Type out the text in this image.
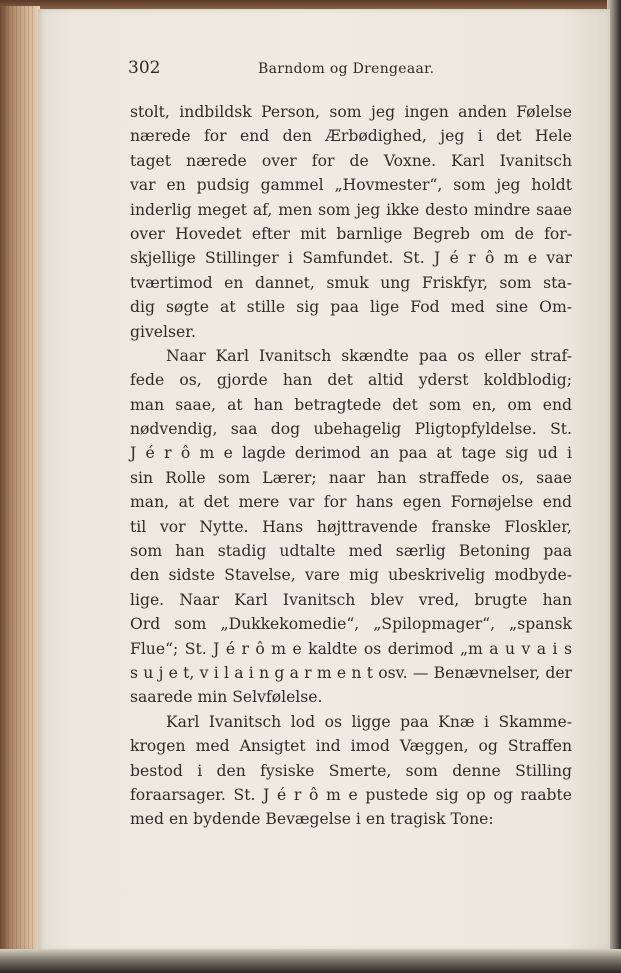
302	Barndom og Drengeaar.
stolt, indbildsk Person, som jeg ingen anden Følelse
nærede for end den Ærbødighed, jeg i det Hele
taget nærede over for de Voxne. Karl Ivanitsch
var en pudsig gammel „Hovmester“, som jeg holdt
inderlig meget af, men som jeg ikke desto mindre saae
over Hovedet efter mit barnlige Begreb om de for-
skjellige Stillinger i Samfundet. St. J é r ô m e var
tværtimod en dannet, smuk ung Friskfyr, som sta-
dig søgte at stille sig paa lige Fod med sine Om-
givelser.
Naar Karl Ivanitsch skændte paa os eller straf-
fede os, gjorde han det altid yderst koldblodig;
man saae, at han betragtede det som en, om end
nødvendig, saa dog ubehagelig Pligtopfyldelse. St.
J é r ô m e lagde derimod an paa at tage sig ud i
sin Rolle som Lærer; naar han straffede os, saae
man, at det mere var for hans egen Fornøjelse end
til vor Nytte. Hans højttravende franske Floskler,
som han stadig udtalte med særlig Betoning paa
den sidste Stavelse, vare mig ubeskrivelig modbyde-
lige. Naar Karl Ivanitsch blev vred, brugte han
Ord som „Dukkekomedie“, „Spilopmager“, „spansk
Flue“; St. J é r ô m e kaldte os derimod „m a u v a i s
s u j e t, v i l a i n g a r m e n t osv. — Benævnelser, der
saarede min Selvfølelse.
Karl Ivanitsch lod os ligge paa Knæ i Skamme-
krogen med Ansigtet ind imod Væggen, og Straffen
bestod i den fysiske Smerte, som denne Stilling
foraarsager. St. J é r ô m e pustede sig op og raabte
med en bydende Bevægelse i en tragisk Tone:
